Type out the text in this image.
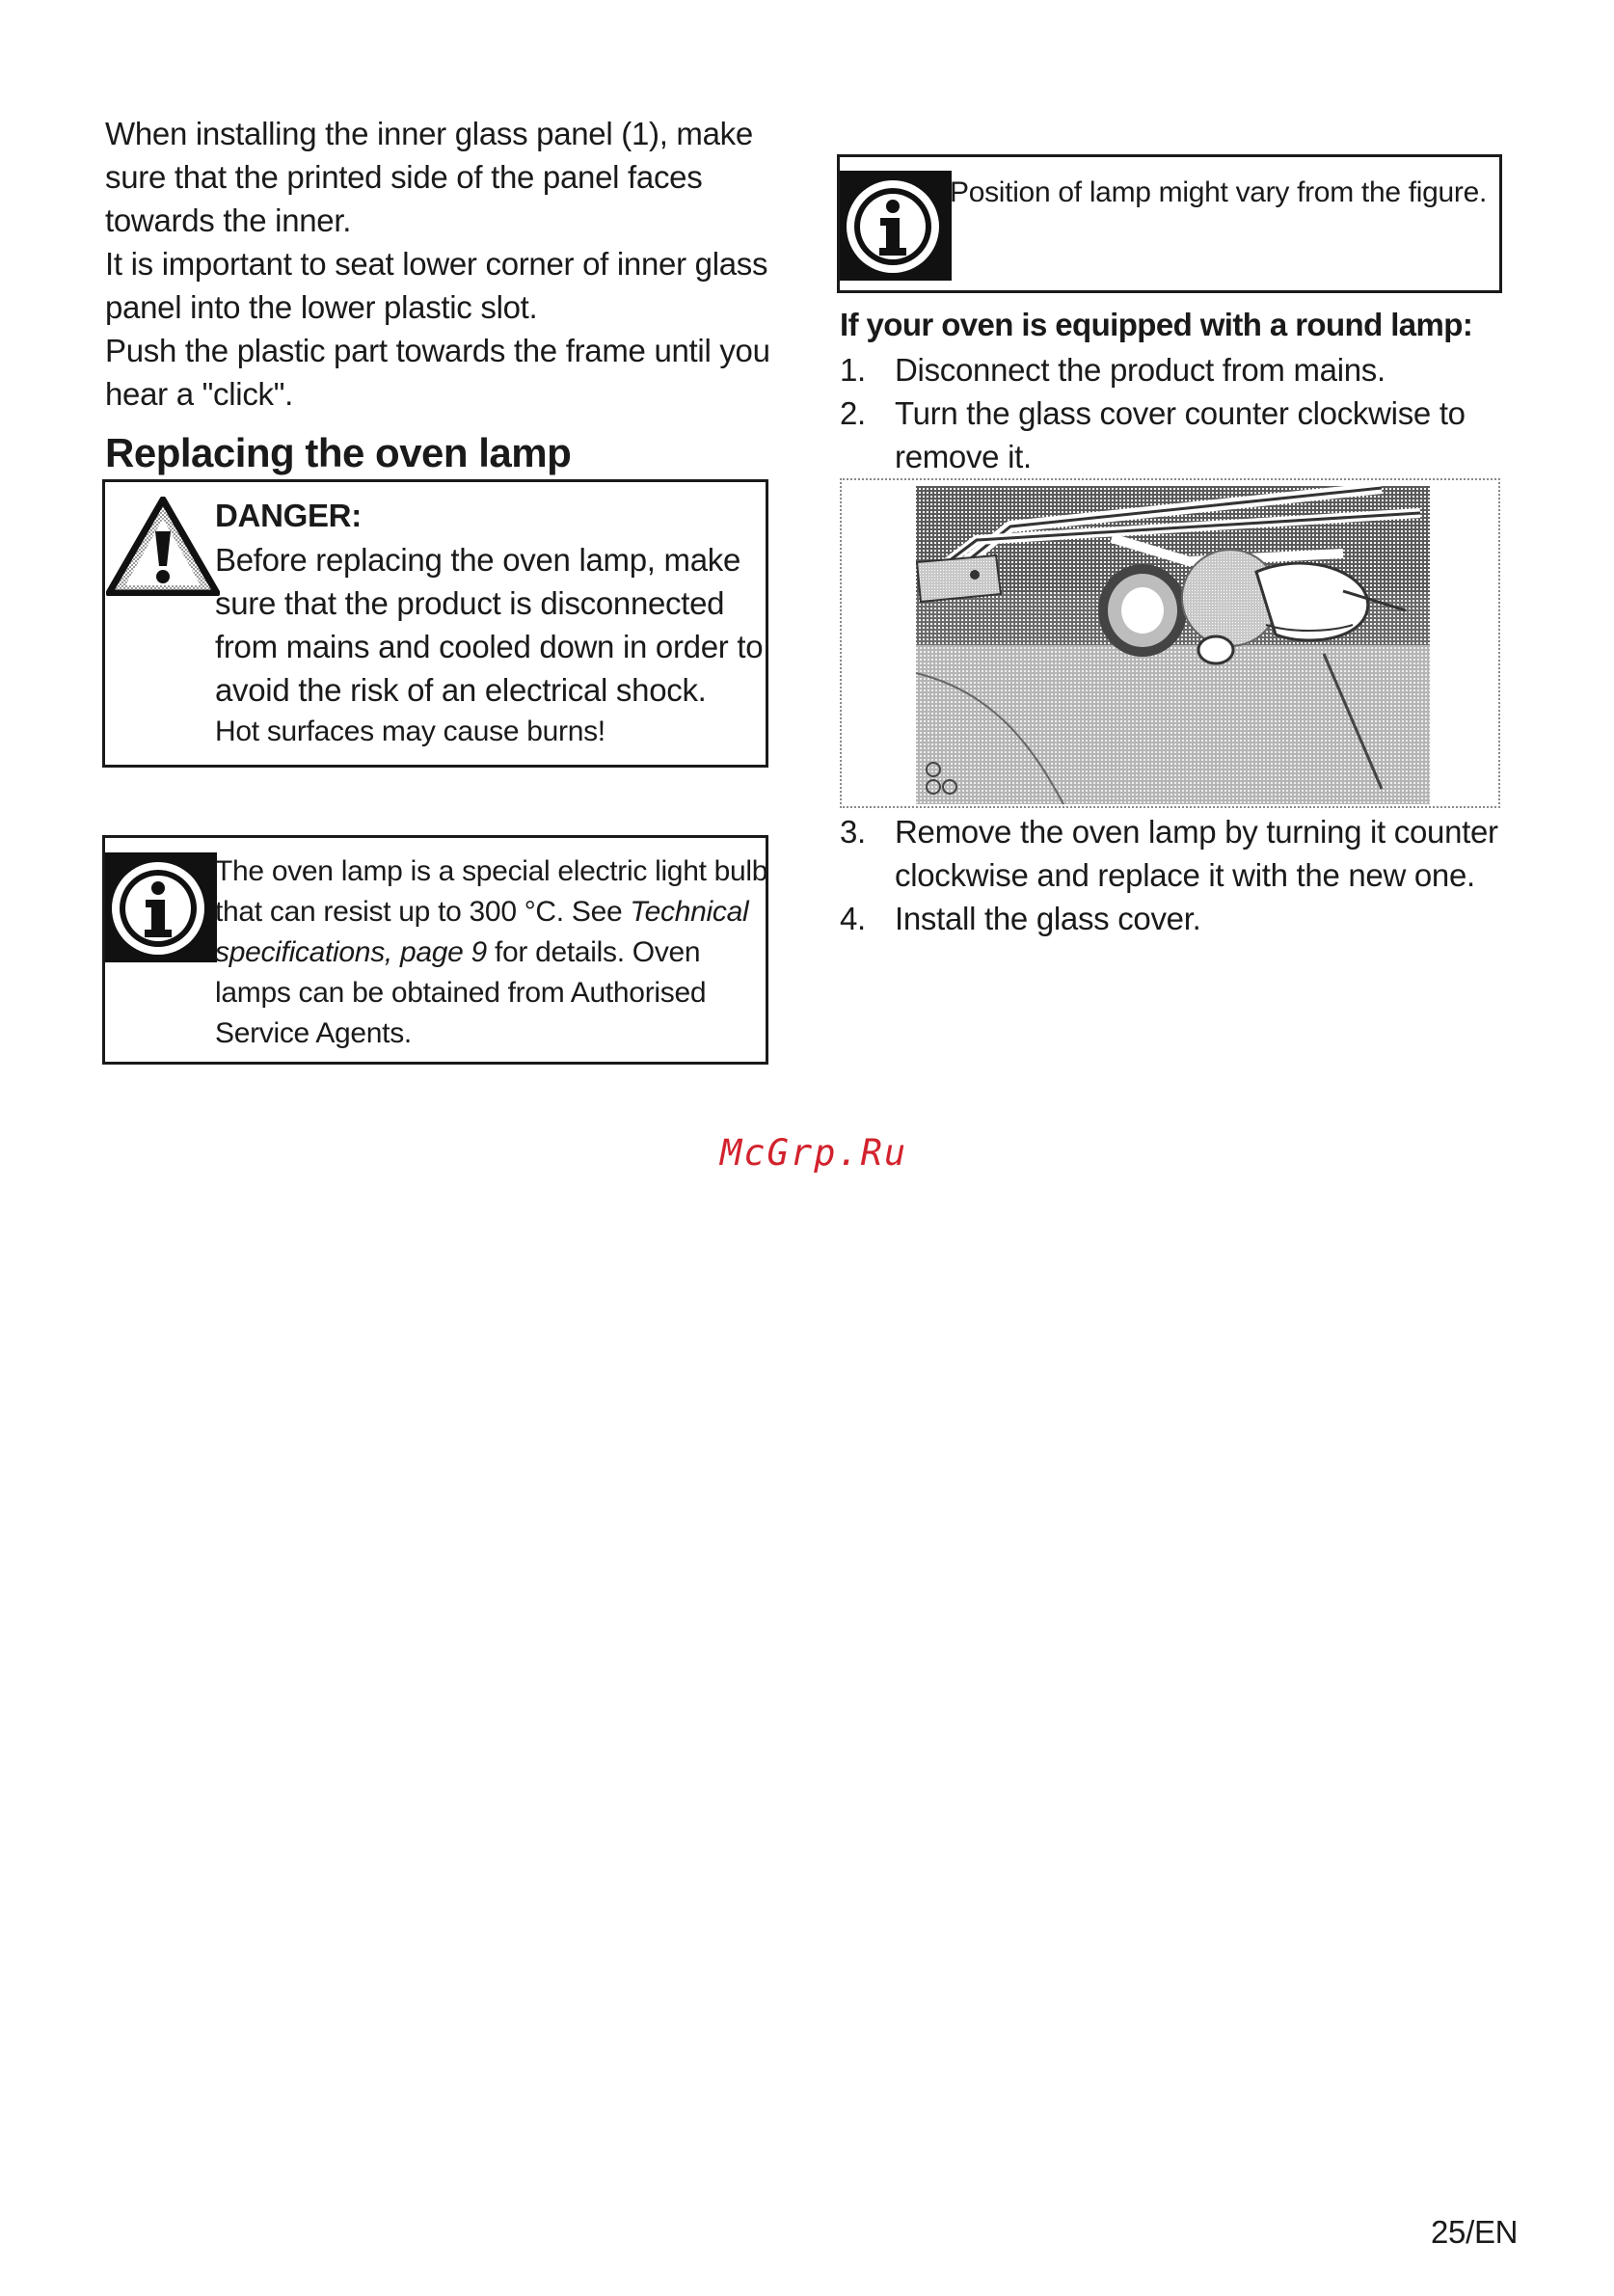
When installing the inner glass panel (1), make sure that the printed side of the panel faces towards the inner.
It is important to seat lower corner of inner glass panel into the lower plastic slot.
Push the plastic part towards the frame until you hear a "click".
Replacing the oven lamp
DANGER:
Before replacing the oven lamp, make sure that the product is disconnected from mains and cooled down in order to avoid the risk of an electrical shock.
Hot surfaces may cause burns!
The oven lamp is a special electric light bulb that can resist up to 300 °C. See Technical specifications, page 9 for details. Oven lamps can be obtained from Authorised Service Agents.
Position of lamp might vary from the figure.
If your oven is equipped with a round lamp:
1. Disconnect the product from mains.
2. Turn the glass cover counter clockwise to remove it.
3. Remove the oven lamp by turning it counter clockwise and replace it with the new one.
4. Install the glass cover.
McGrp.Ru
25/EN
